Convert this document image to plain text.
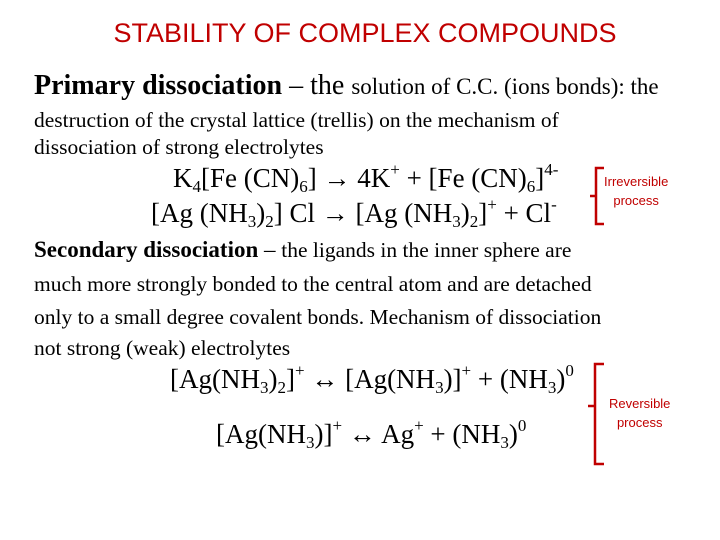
STABILITY OF COMPLEX COMPOUNDS
Primary dissociation – the solution of C.C. (ions bonds): the
destruction of the crystal lattice (trellis) on the mechanism of
dissociation of strong electrolytes
$K_4[Fe$ $(CN)_6] \to 4K^+ + [Fe$ $(CN)_6]^{4-}$
[Ag $(NH_3)_2$] Cl → [Ag $(NH_3)_2]^+ + Cl^-$
Irreversible
process
Secondary dissociation – the ligands in the inner sphere are
much more strongly bonded to the central atom and are detached
only to a small degree covalent bonds. Mechanism of dissociation
not strong (weak) electrolytes
$[Ag(NH_3)_2]^+$ ↔ $[Ag(NH_3)]^+ + (NH_3)^0$
$[Ag(NH_3)]^+$ ↔ $Ag^+ + (NH_3)^0$
Reversible
process
